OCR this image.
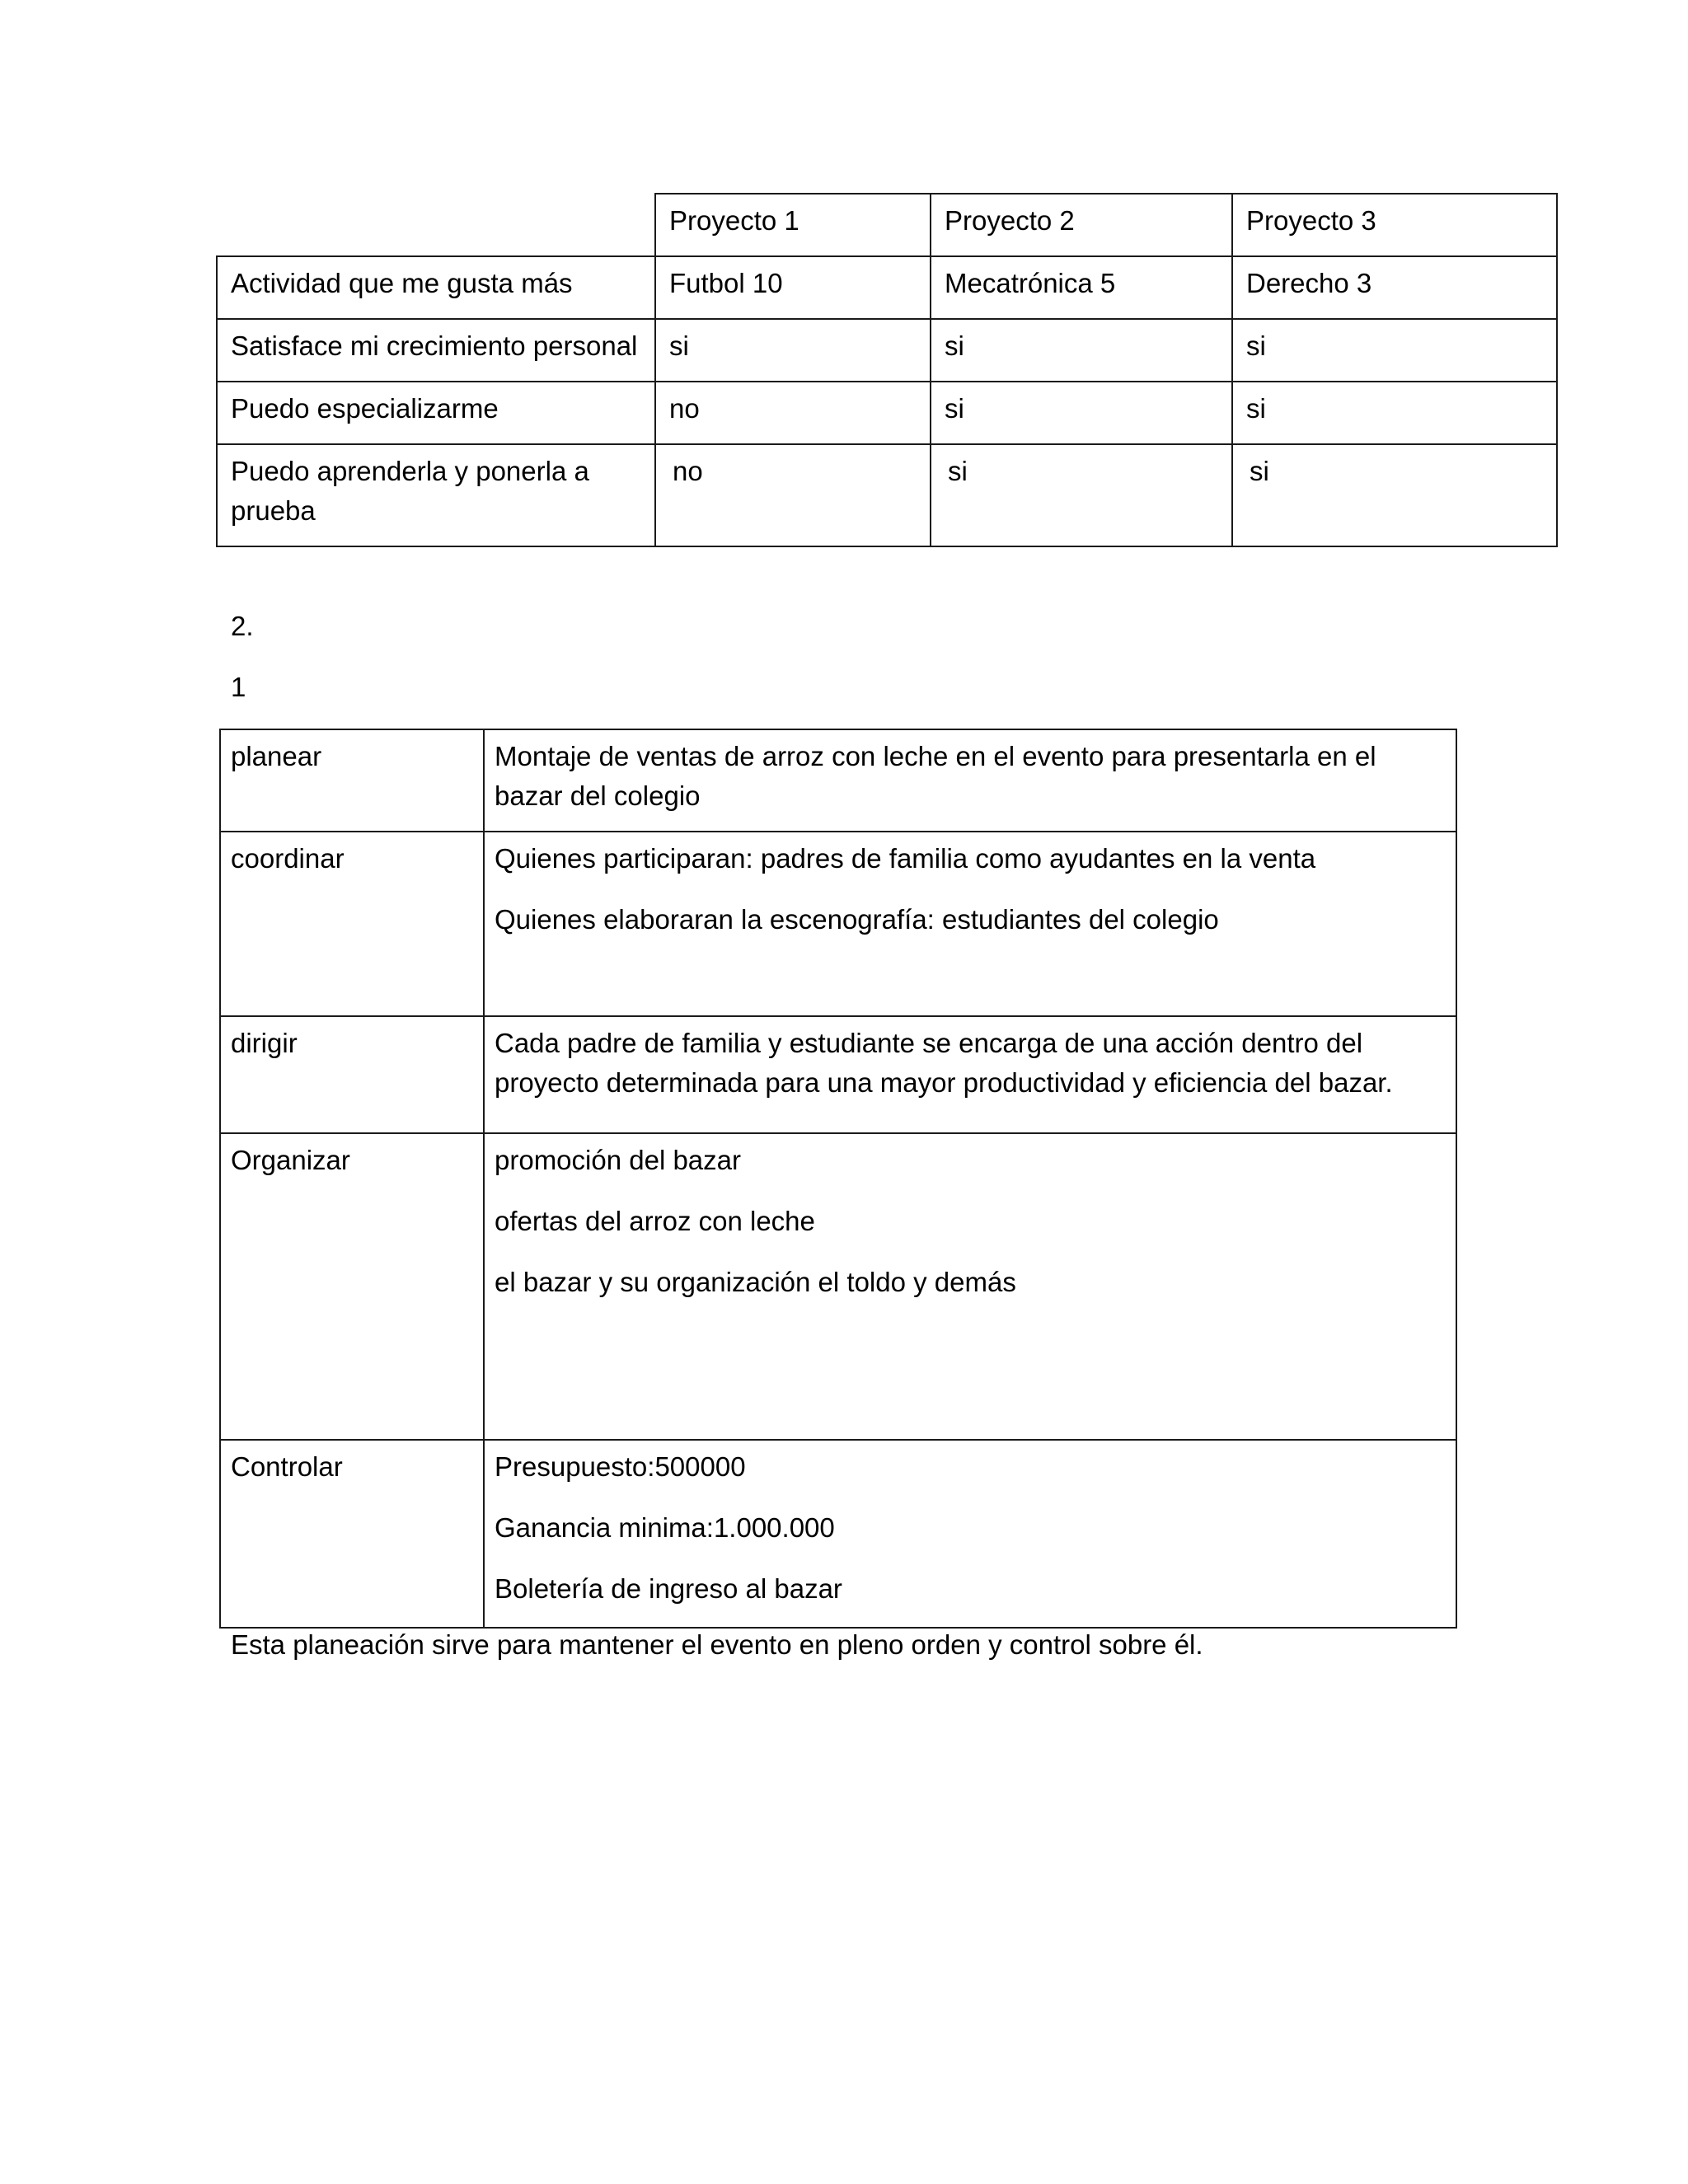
	Proyecto 1	Proyecto 2	Proyecto 3
Actividad que me gusta más	Futbol 10	Mecatrónica 5	Derecho 3
Satisface mi crecimiento personal	si	si	si
Puedo especializarme	no	si	si
Puedo aprenderla y ponerla a prueba	no	si	si

2.

1

planear	Montaje de ventas de arroz con leche en el evento para presentarla en el bazar del colegio

coordinar	Quienes participaran: padres de familia como ayudantes en la venta
Quienes elaboraran la escenografía: estudiantes del colegio

dirigir	Cada padre de familia y estudiante se encarga de una acción dentro del proyecto determinada para una mayor productividad y eficiencia del bazar.

Organizar	promoción del bazar
ofertas del arroz con leche
el bazar y su organización el toldo y demás

Controlar	Presupuesto:500000
Ganancia minima:1.000.000
Boletería de ingreso al bazar

Esta planeación sirve para mantener el evento en pleno orden y control sobre él.
